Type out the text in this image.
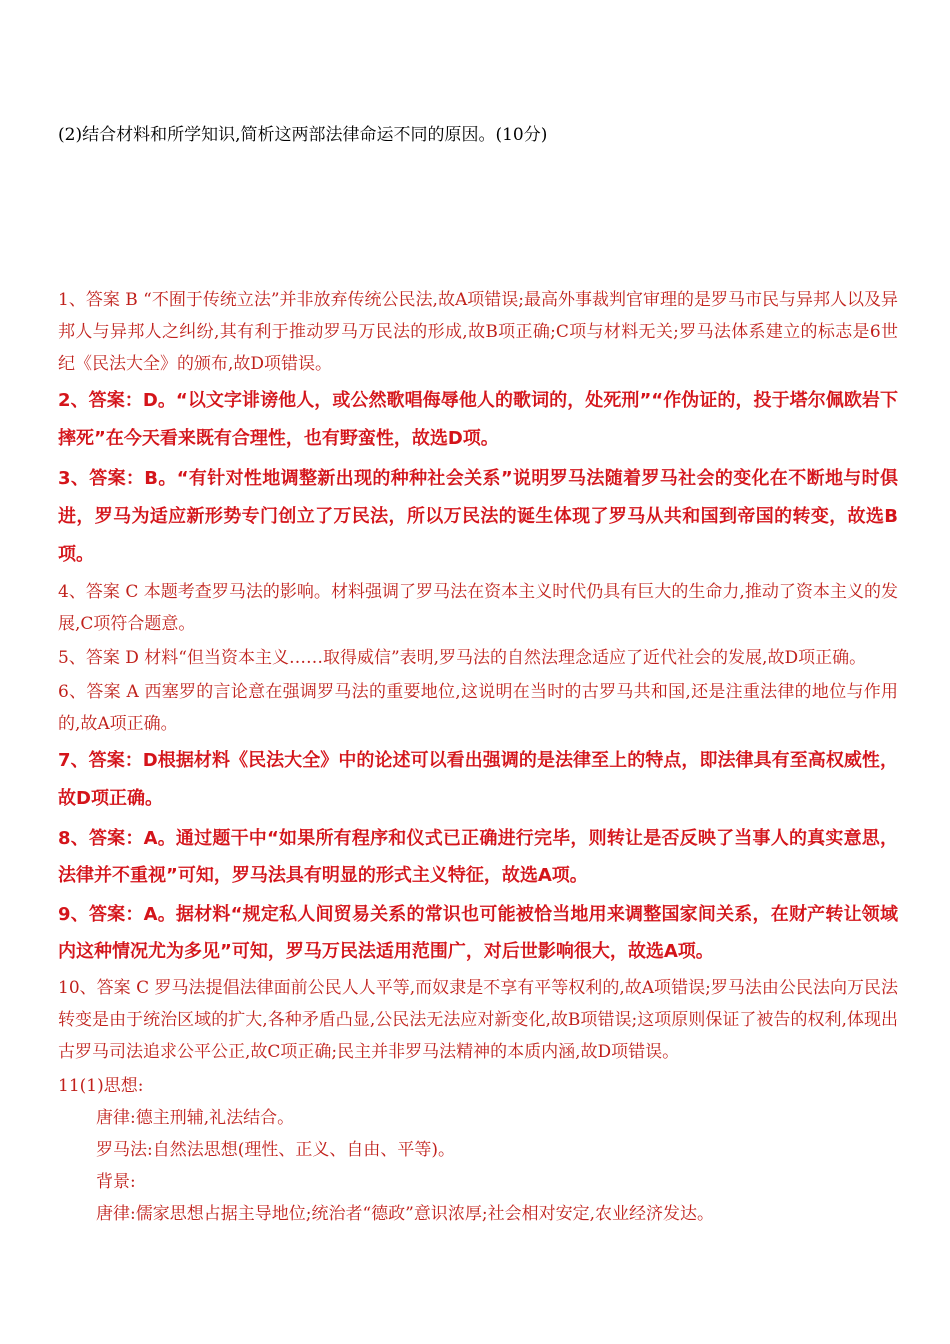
(2)结合材料和所学知识,简析这两部法律命运不同的原因。(10分)

1、答案 B “不囿于传统立法”并非放弃传统公民法,故A项错误;最高外事裁判官审理的是罗马市民与异邦人以及异邦人与异邦人之纠纷,其有利于推动罗马万民法的形成,故B项正确;C项与材料无关;罗马法体系建立的标志是6世纪《民法大全》的颁布,故D项错误。

2、答案：D。“以文字诽谤他人，或公然歌唱侮辱他人的歌词的，处死刑”“作伪证的，投于塔尔佩欧岩下摔死”在今天看来既有合理性，也有野蛮性，故选D项。

3、答案：B。“有针对性地调整新出现的种种社会关系”说明罗马法随着罗马社会的变化在不断地与时俱进，罗马为适应新形势专门创立了万民法，所以万民法的诞生体现了罗马从共和国到帝国的转变，故选B项。

4、答案 C 本题考查罗马法的影响。材料强调了罗马法在资本主义时代仍具有巨大的生命力,推动了资本主义的发展,C项符合题意。

5、答案 D 材料“但当资本主义……取得威信”表明,罗马法的自然法理念适应了近代社会的发展,故D项正确。

6、答案 A 西塞罗的言论意在强调罗马法的重要地位,这说明在当时的古罗马共和国,还是注重法律的地位与作用的,故A项正确。

7、答案：D根据材料《民法大全》中的论述可以看出强调的是法律至上的特点，即法律具有至高权威性，故D项正确。

8、答案：A。通过题干中“如果所有程序和仪式已正确进行完毕，则转让是否反映了当事人的真实意思，法律并不重视”可知，罗马法具有明显的形式主义特征，故选A项。

9、答案：A。据材料“规定私人间贸易关系的常识也可能被恰当地用来调整国家间关系，在财产转让领域内这种情况尤为多见”可知，罗马万民法适用范围广，对后世影响很大，故选A项。

10、答案 C 罗马法提倡法律面前公民人人平等,而奴隶是不享有平等权利的,故A项错误;罗马法由公民法向万民法转变是由于统治区域的扩大,各种矛盾凸显,公民法无法应对新变化,故B项错误;这项原则保证了被告的权利,体现出古罗马司法追求公平公正,故C项正确;民主并非罗马法精神的本质内涵,故D项错误。

11(1)思想:

唐律:德主刑辅,礼法结合。

罗马法:自然法思想(理性、正义、自由、平等)。

背景:

唐律:儒家思想占据主导地位;统治者“德政”意识浓厚;社会相对安定,农业经济发达。
